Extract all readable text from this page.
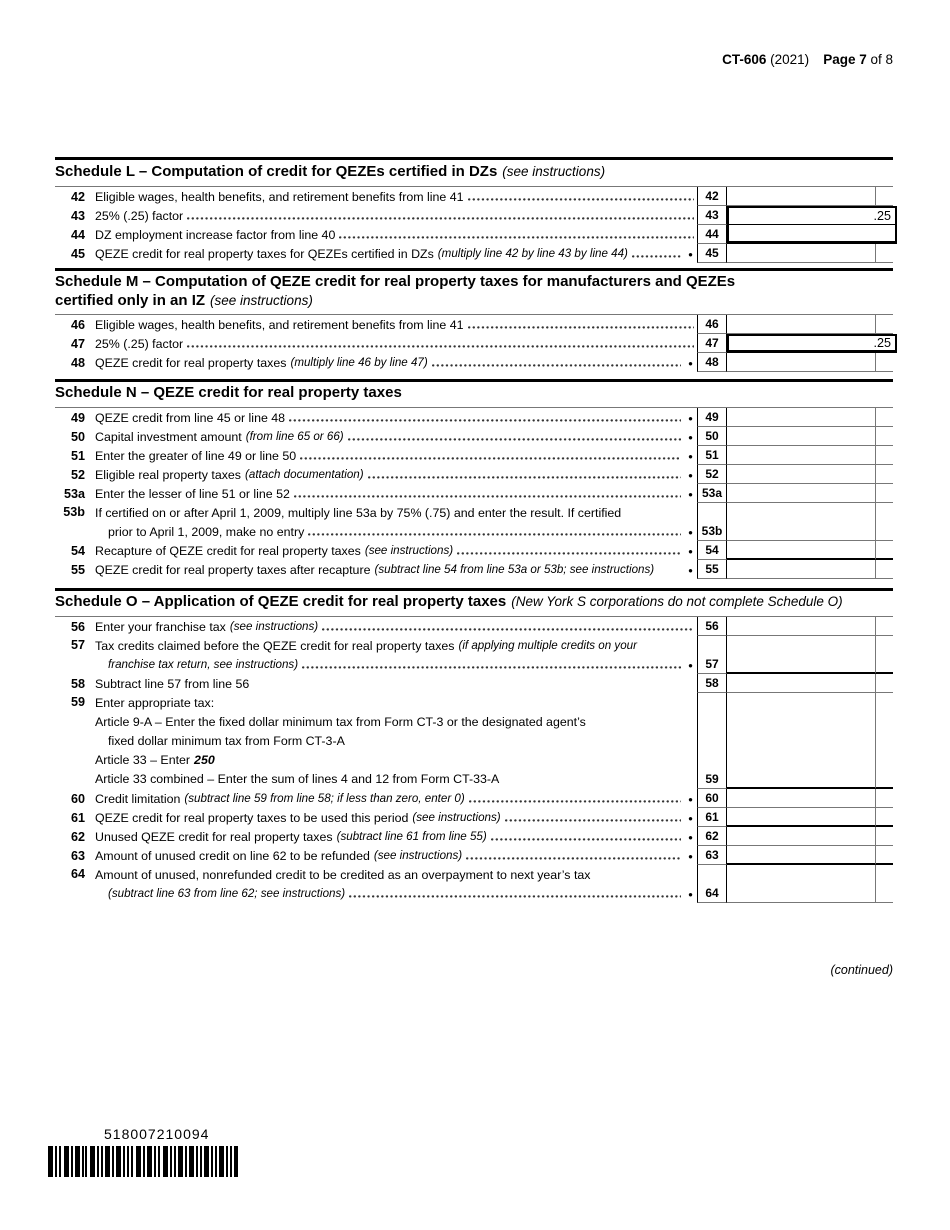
CT-606 (2021) Page 7 of 8
Schedule L – Computation of credit for QEZEs certified in DZs (see instructions)
42 Eligible wages, health benefits, and retirement benefits from line 41	42
43 25% (.25) factor	43	.25
44 DZ employment increase factor from line 40	44
45 QEZE credit for real property taxes for QEZEs certified in DZs (multiply line 42 by line 43 by line 44)	●	45
Schedule M – Computation of QEZE credit for real property taxes for manufacturers and QEZEs
certified only in an IZ (see instructions)
46 Eligible wages, health benefits, and retirement benefits from line 41	46
47 25% (.25) factor	47	.25
48 QEZE credit for real property taxes (multiply line 46 by line 47)	●	48
Schedule N – QEZE credit for real property taxes
49 QEZE credit from line 45 or line 48	●	49
50 Capital investment amount (from line 65 or 66)	●	50
51 Enter the greater of line 49 or line 50	●	51
52 Eligible real property taxes (attach documentation)	●	52
53a Enter the lesser of line 51 or line 52	● 53a
53b If certified on or after April 1, 2009, multiply line 53a by 75% (.75) and enter the result. If certified
prior to April 1, 2009, make no entry	● 53b
54 Recapture of QEZE credit for real property taxes (see instructions)	●	54
55 QEZE credit for real property taxes after recapture (subtract line 54 from line 53a or 53b; see instructions)	●	55
Schedule O – Application of QEZE credit for real property taxes (New York S corporations do not complete Schedule O)
56 Enter your franchise tax (see instructions)	56
57 Tax credits claimed before the QEZE credit for real property taxes (if applying multiple credits on your
franchise tax return, see instructions)	●	57
58 Subtract line 57 from line 56	58
59 Enter appropriate tax:
Article 9-A – Enter the fixed dollar minimum tax from Form CT-3 or the designated agent’s
fixed dollar minimum tax from Form CT-3-A
Article 33 – Enter 250
Article 33 combined – Enter the sum of lines 4 and 12 from Form CT-33-A	59
60 Credit limitation (subtract line 59 from line 58; if less than zero, enter 0)	●	60
61 QEZE credit for real property taxes to be used this period (see instructions)	●	61
62 Unused QEZE credit for real property taxes (subtract line 61 from line 55)	●	62
63 Amount of unused credit on line 62 to be refunded (see instructions)	●	63
64 Amount of unused, nonrefunded credit to be credited as an overpayment to next year’s tax
(subtract line 63 from line 62; see instructions)	●	64
(continued)
518007210094
